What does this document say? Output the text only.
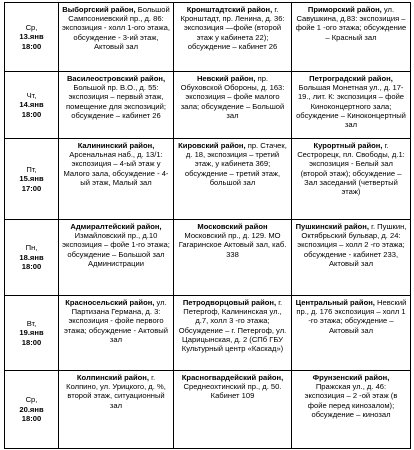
Ср,
13.янв
18:00	Выборгский район, Большой Сампсониевский пр., д. 86: экспозиция - холл 1-ого этажа, обсуждение - 3-ий этаж, Актовый зал	Кронштадтский район, г. Кронштадт, пр. Ленина, д. 36: экспозиция —фойе (второй этаж у кабинета 22); обсуждение – кабинет 26	Приморский район, ул. Савушкина, д.83: экспозиция – фойе 1 -ого этажа; обсуждение – Красный зал

Чт,
14.янв
18:00	Василеостровский район, Большой пр. В.О., д. 55: экспозиция – первый этаж, помещение для экспозиций; обсуждение – кабинет 26	Невский район, пр. Обуховской Обороны, д. 163: экспозиция – фойе малого зала; обсуждение – Большой зал	Петроградский район, Большая Монетная ул., д. 17-19., лит. К: экспозиция – фойе Киноконцертного зала; обсуждение – Киноконцертный зал

Пт,
15.янв
17:00	Калининский район, Арсенальная наб., д. 13/1: экспозиция – 4-ый этаж у Малого зала, обсуждение - 4-ый этаж, Малый зал	Кировский район, пр. Стачек, д. 18, экспозиция – третий этаж, у кабинета 369; обсуждение – третий этаж, большой зал	Курортный район, г. Сестрорецк, пл. Свободы, д.1: экспозиция - Белый зал (второй этаж); обсуждение – Зал заседаний (четвертый этаж)

Пн,
18.янв
18:00	Адмиралтейский район, Измайловский пр., д.10 экспозиция – фойе 1-го этажа; обсуждение – Большой зал Администрации	Московский район Московский пр., д. 129. МО Гагаринское Актовый зал, каб. 338	Пушкинский район, г. Пушкин, Октябрьский бульвар, д. 24: экспозиция – холл 2 -го этажа; обсуждение - кабинет 233, Актовый зал

Вт,
19.янв
18:00	Красносельский район, ул. Партизана Германа, д. 3: экспозиция - фойе первого этажа; обсуждение - Актовый зал	Петродворцовый район, г. Петергоф, Калининская ул., д.7, холл 3 -го этажа; Обсуждение – г. Петергоф, ул. Царицынская, д. 2 (СПб ГБУ Культурный центр «Каскад»)	Центральный район, Невский пр., д. 176 экспозиция – холл 1 -го этажа; обсуждение – Актовый зал

Ср,
20.янв
18:00	Колпинский район, г. Колпино, ул. Урицкого, д. %, второй этаж, ситуационный зал	Красногвардейский район, Среднеохтинский пр., д. 50. Кабинет 109	Фрунзенский район, Пражская ул., д. 46: экспозиция – 2 -ой этаж (в фойе перед кинозалом); обсуждение – кинозал
